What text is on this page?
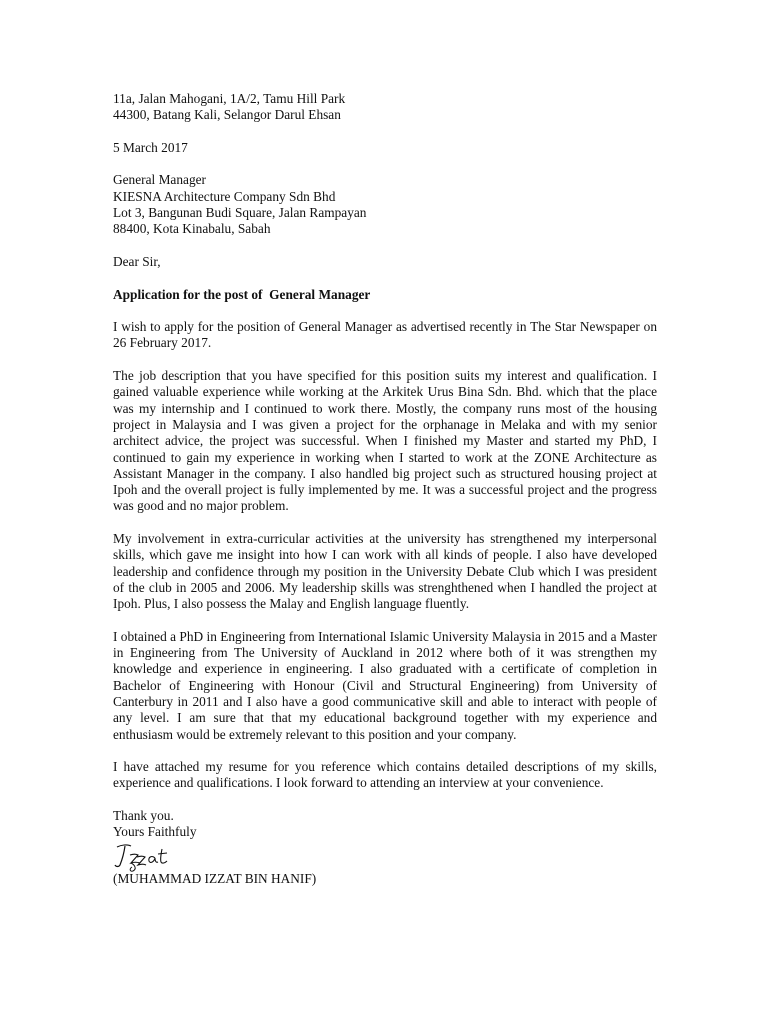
11a, Jalan Mahogani, 1A/2, Tamu Hill Park
44300, Batang Kali, Selangor Darul Ehsan
5 March 2017
General Manager
KIESNA Architecture Company Sdn Bhd
Lot 3, Bangunan Budi Square, Jalan Rampayan
88400, Kota Kinabalu, Sabah
Dear Sir,
Application for the post of  General Manager

I wish to apply for the position of General Manager as advertised recently in The Star Newspaper on 26 February 2017.

The job description that you have specified for this position suits my interest and qualification. I gained valuable experience while working at the Arkitek Urus Bina Sdn. Bhd. which that the place was my internship and I continued to work there. Mostly, the company runs most of the housing project in Malaysia and I was given a project for the orphanage in Melaka and with my senior architect advice, the project was successful. When I finished my Master and started my PhD, I continued to gain my experience in working when I started to work at the ZONE Architecture as Assistant Manager in the company. I also handled big project such as structured housing project at Ipoh and the overall project is fully implemented by me. It was a successful project and the progress was good and no major problem.

My involvement in extra-curricular activities at the university has strengthened my interpersonal skills, which gave me insight into how I can work with all kinds of people. I also have developed leadership and confidence through my position in the University Debate Club which I was president of the club in 2005 and 2006. My leadership skills was strenghthened when I handled the project at Ipoh. Plus, I also possess the Malay and English language fluently.

I obtained a PhD in Engineering from International Islamic University Malaysia in 2015 and a Master in Engineering from The University of Auckland in 2012 where both of it was strengthen my knowledge and experience in engineering. I also graduated with a certificate of completion in Bachelor of Engineering with Honour (Civil and Structural Engineering) from University of Canterbury in 2011 and I also have a good communicative skill and able to interact with people of any level. I am sure that that my educational background together with my experience and enthusiasm would be extremely relevant to this position and your company.

I have attached my resume for you reference which contains detailed descriptions of my skills, experience and qualifications. I look forward to attending an interview at your convenience.

Thank you.
Yours Faithfuly
(MUHAMMAD IZZAT BIN HANIF)
